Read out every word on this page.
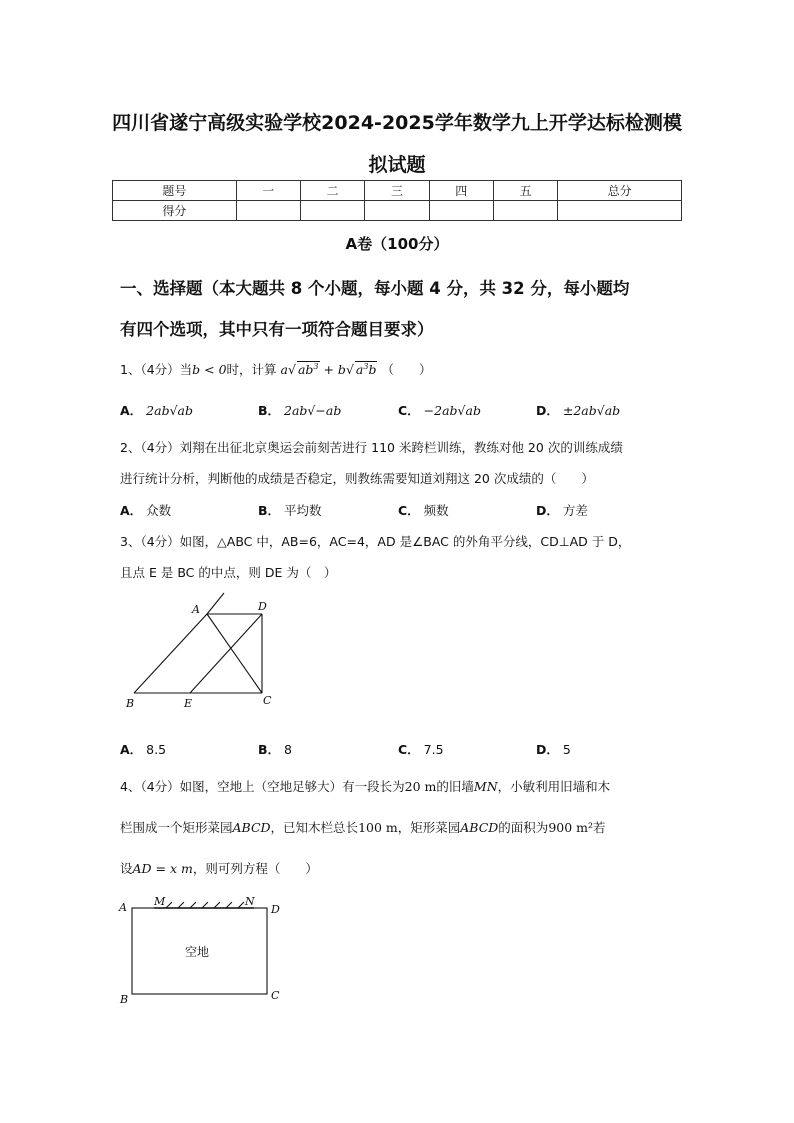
四川省遂宁高级实验学校2024-2025学年数学九上开学达标检测模
拟试题
题号	一	二	三	四	五	总分
得分						
A卷（100分）
一、选择题（本大题共 8 个小题，每小题 4 分，共 32 分，每小题均
有四个选项，其中只有一项符合题目要求）
1、（4分）当b < 0时，计算 a√ $ab^3 + b√$ $a^3b$ （　　）
A． 2ab√ab	B． 2ab√−ab	C． −2ab√ab	D． ±2ab√ab
2、（4分）刘翔在出征北京奥运会前刻苦进行 110 米跨栏训练，教练对他 20 次的训练成绩
进行统计分析，判断他的成绩是否稳定，则教练需要知道刘翔这 20 次成绩的（　　）
A． 众数	B． 平均数	C． 频数	D． 方差
3、（4分）如图，△ABC 中，AB=6，AC=4，AD 是∠BAC 的外角平分线，CD⊥AD 于 D，
且点 E 是 BC 的中点，则 DE 为（　）
A	D
B	E	C
A． 8.5	B． 8	C． 7.5	D． 5
4、（4分）如图，空地上（空地足够大）有一段长为20 m的旧墙MN，小敏利用旧墙和木
栏围成一个矩形菜园ABCD，已知木栏总长100 m，矩形菜园ABCD的面积为900 m²若
设AD = x m，则可列方程（　　）
A M	N
D
B	C
空地
